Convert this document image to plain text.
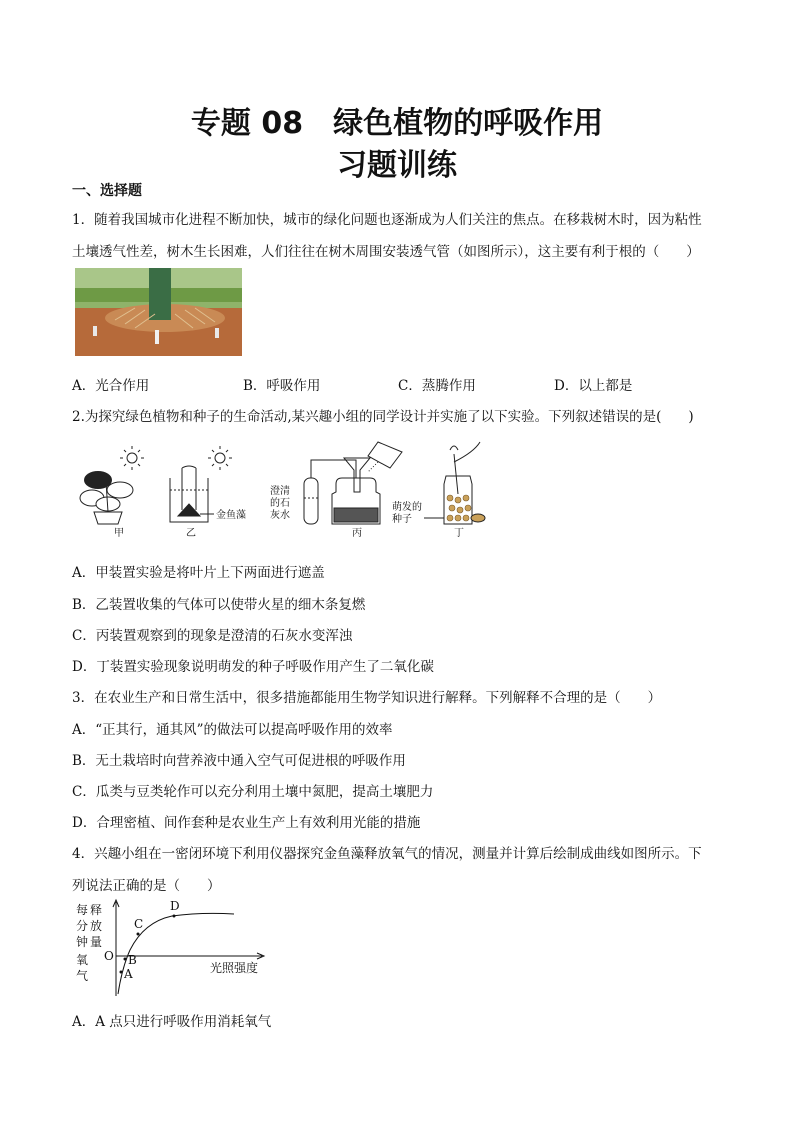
专题 08　绿色植物的呼吸作用
习题训练
一、选择题
1．随着我国城市化进程不断加快，城市的绿化问题也逐渐成为人们关注的焦点。在移栽树木时，因为粘性
土壤透气性差，树木生长困难，人们往往在树木周围安装透气管（如图所示），这主要有利于根的（　　）
A．光合作用	B．呼吸作用	C．蒸腾作用	D．以上都是
2.为探究绿色植物和种子的生命活动,某兴趣小组的同学设计并实施了以下实验。下列叙述错误的是(　　)
金鱼藻
澄清
的石
灰水
萌发的
种子
甲	乙	丙	丁
A．甲装置实验是将叶片上下两面进行遮盖
B．乙装置收集的气体可以使带火星的细木条复燃
C．丙装置观察到的现象是澄清的石灰水变浑浊
D．丁装置实验现象说明萌发的种子呼吸作用产生了二氧化碳
3．在农业生产和日常生活中，很多措施都能用生物学知识进行解释。下列解释不合理的是（　　）
A．“正其行，通其风”的做法可以提高呼吸作用的效率
B．无土栽培时向营养液中通入空气可促进根的呼吸作用
C．瓜类与豆类轮作可以充分利用土壤中氮肥，提高土壤肥力
D．合理密植、间作套种是农业生产上有效利用光能的措施
4．兴趣小组在一密闭环境下利用仪器探究金鱼藻释放氧气的情况，测量并计算后绘制成曲线如图所示。下
列说法正确的是（　　）
每 释
分 放
钟 量
氧
气
O
A
B
C
D
光照强度
A．A 点只进行呼吸作用消耗氧气
